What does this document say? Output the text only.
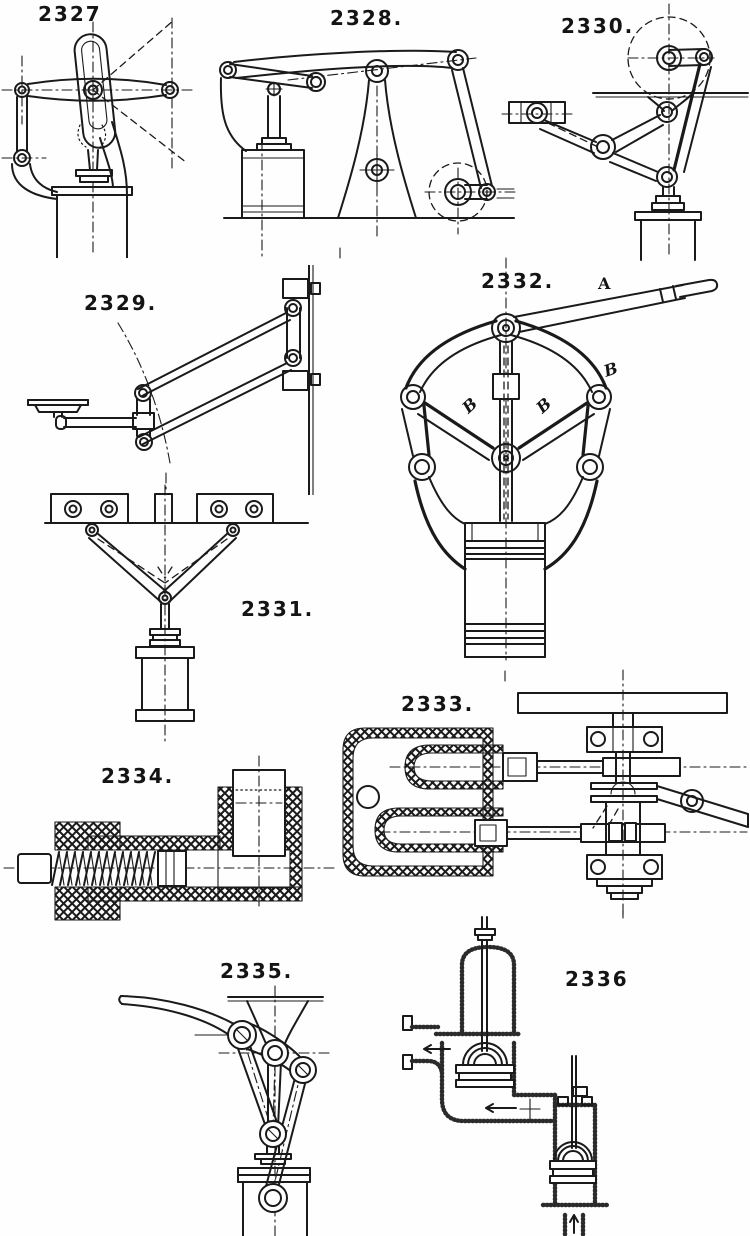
2327	2328.	2330.
2329.
2332.	A
B
B	B
2331.
2333.
2334.
2335.	2336
